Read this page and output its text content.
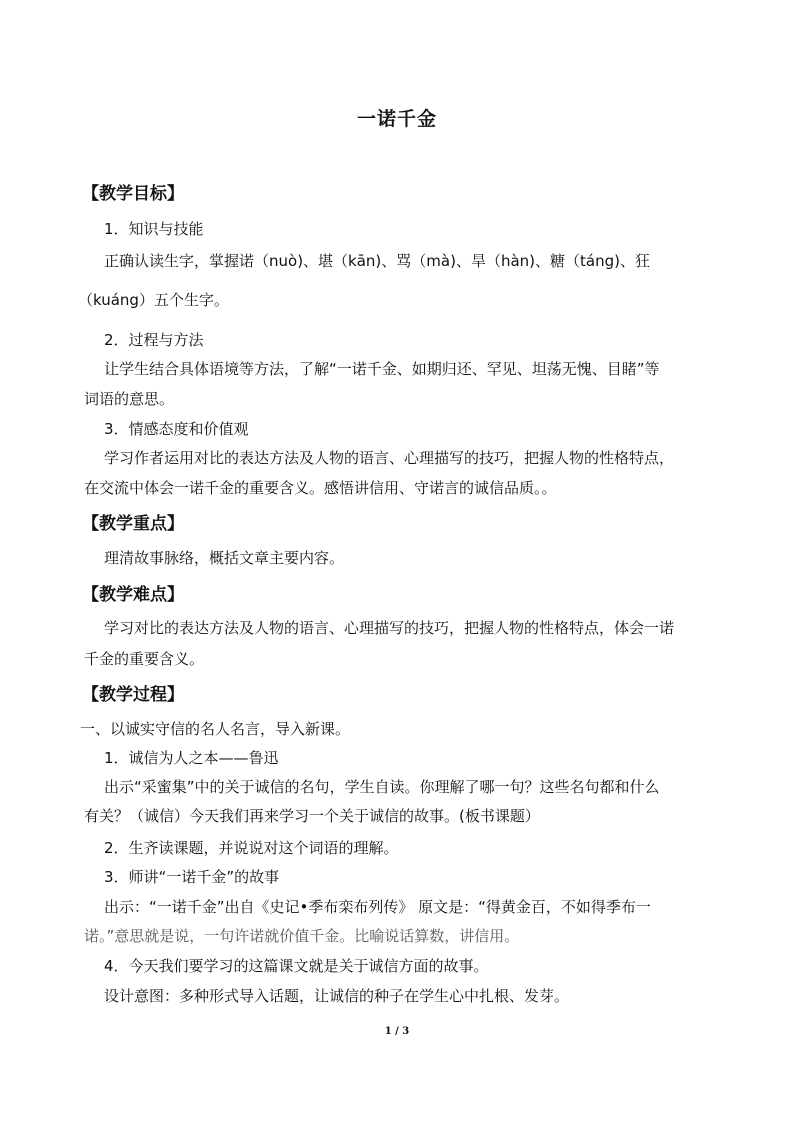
一诺千金
【教学目标】
1．知识与技能
正确认读生字，掌握诺（nuò)、堪（kān)、骂（mà)、旱（hàn)、糖（táng)、狂
（kuáng）五个生字。
2．过程与方法
让学生结合具体语境等方法，了解“一诺千金、如期归还、罕见、坦荡无愧、目睹”等
词语的意思。
3．情感态度和价值观
学习作者运用对比的表达方法及人物的语言、心理描写的技巧，把握人物的性格特点，
在交流中体会一诺千金的重要含义。感悟讲信用、守诺言的诚信品质。。
【教学重点】
理清故事脉络，概括文章主要内容。
【教学难点】
学习对比的表达方法及人物的语言、心理描写的技巧，把握人物的性格特点，体会一诺
千金的重要含义。
【教学过程】
一、以诚实守信的名人名言，导入新课。
1．诚信为人之本——鲁迅
出示“采蜜集”中的关于诚信的名句，学生自读。你理解了哪一句？这些名句都和什么
有关？（诚信）今天我们再来学习一个关于诚信的故事。(板书课题）
2．生齐读课题，并说说对这个词语的理解。
3．师讲“一诺千金”的故事
出示：“一诺千金”出自《史记•季布栾布列传》 原文是：“得黄金百，不如得季布一
诺。”意思就是说，一句许诺就价值千金。比喻说话算数，讲信用。
4．今天我们要学习的这篇课文就是关于诚信方面的故事。
设计意图：多种形式导入话题，让诚信的种子在学生心中扎根、发芽。
1 / 3
